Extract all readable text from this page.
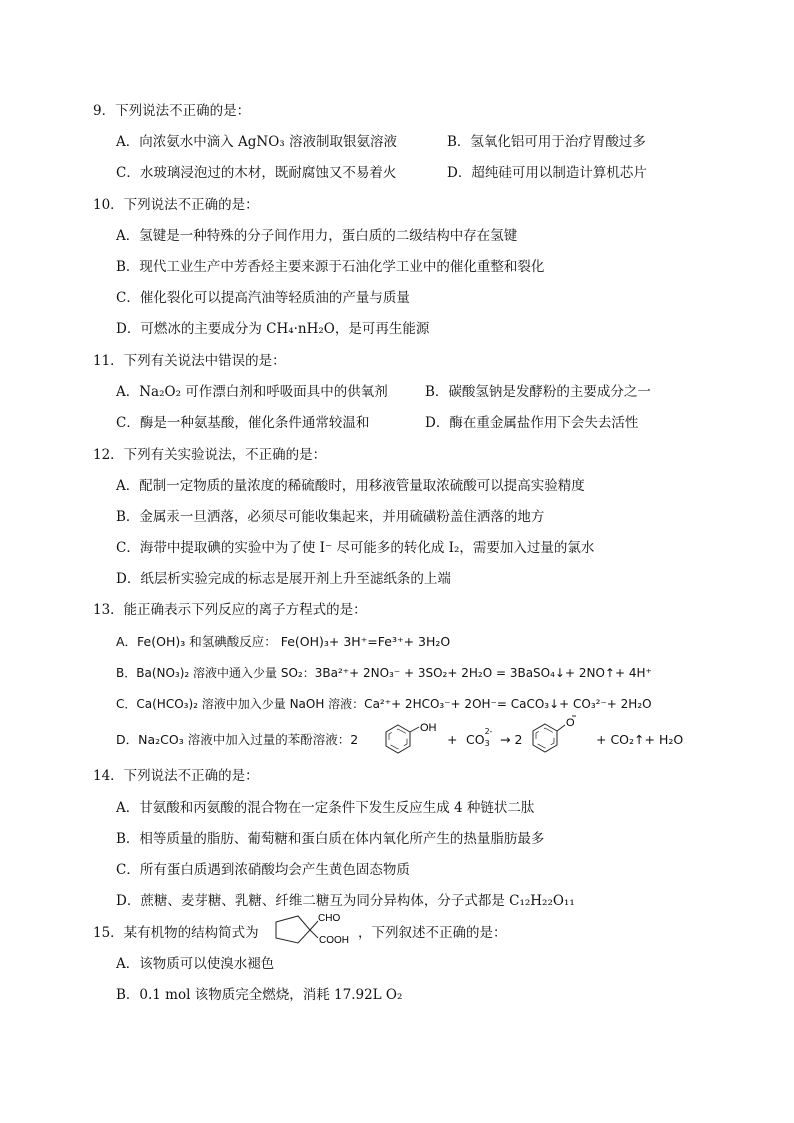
9．下列说法不正确的是：
A．向浓氨水中滴入 AgNO₃ 溶液制取银氨溶液	B．氢氧化铝可用于治疗胃酸过多
C．水玻璃浸泡过的木材，既耐腐蚀又不易着火	D．超纯硅可用以制造计算机芯片
10．下列说法不正确的是：
A．氢键是一种特殊的分子间作用力，蛋白质的二级结构中存在氢键
B．现代工业生产中芳香烃主要来源于石油化学工业中的催化重整和裂化
C．催化裂化可以提高汽油等轻质油的产量与质量
D．可燃冰的主要成分为 CH₄·nH₂O，是可再生能源
11．下列有关说法中错误的是：
A．Na₂O₂ 可作漂白剂和呼吸面具中的供氧剂	B．碳酸氢钠是发酵粉的主要成分之一
C．酶是一种氨基酸，催化条件通常较温和	D．酶在重金属盐作用下会失去活性
12．下列有关实验说法，不正确的是：
A．配制一定物质的量浓度的稀硫酸时，用移液管量取浓硫酸可以提高实验精度
B．金属汞一旦洒落，必须尽可能收集起来，并用硫磺粉盖住洒落的地方
C．海带中提取碘的实验中为了使 I⁻ 尽可能多的转化成 I₂，需要加入过量的氯水
D．纸层析实验完成的标志是展开剂上升至滤纸条的上端
13．能正确表示下列反应的离子方程式的是：
A．Fe(OH)₃ 和氢碘酸反应： Fe(OH)₃+ 3H⁺=Fe³⁺+ 3H₂O
B．Ba(NO₃)₂ 溶液中通入少量 SO₂：3Ba²⁺+ 2NO₃⁻ + 3SO₂+ 2H₂O = 3BaSO₄↓+ 2NO↑+ 4H⁺
C．Ca(HCO₃)₂ 溶液中加入少量 NaOH 溶液：Ca²⁺+ 2HCO₃⁻+ 2OH⁻= CaCO₃↓+ CO₃²⁻+ 2H₂O
D．Na₂CO₃ 溶液中加入过量的苯酚溶液：2
OH
+ CO
2-
3 → 2
O
+ CO₂↑+ H₂O
14．下列说法不正确的是：
A．甘氨酸和丙氨酸的混合物在一定条件下发生反应生成 4 种链状二肽
B．相等质量的脂肪、葡萄糖和蛋白质在体内氧化所产生的热量脂肪最多
C．所有蛋白质遇到浓硝酸均会产生黄色固态物质
D．蔗糖、麦芽糖、乳糖、纤维二糖互为同分异构体，分子式都是 C₁₂H₂₂O₁₁
15．某有机物的结构简式为
CHO
COOH ，下列叙述不正确的是：
A．该物质可以使溴水褪色
B．0.1 mol 该物质完全燃烧，消耗 17.92L O₂
